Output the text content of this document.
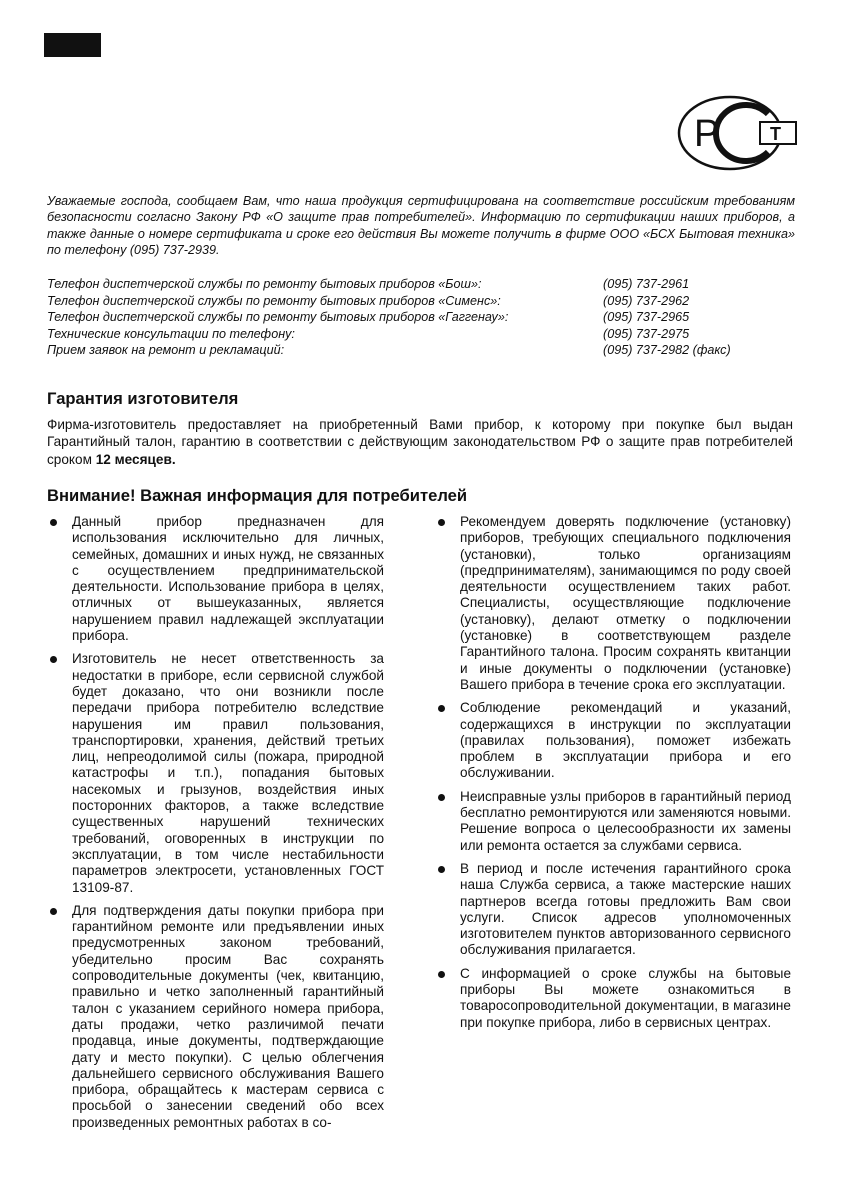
Р	Т
Уважаемые господа, сообщаем Вам, что наша продукция сертифицирована на соответствие российским требованиям безопасности согласно Закону РФ «О защите прав потребителей». Информацию по сертификации наших приборов, а также данные о номере сертификата и сроке его действия Вы можете получить в фирме ООО «БСХ Бытовая техника» по телефону (095) 737-2939.
Телефон диспетчерской службы по ремонту бытовых приборов «Бош»:	(095) 737-2961
Телефон диспетчерской службы по ремонту бытовых приборов «Сименс»:	(095) 737-2962
Телефон диспетчерской службы по ремонту бытовых приборов «Гаггенау»:	(095) 737-2965
Технические консультации по телефону:	(095) 737-2975
Прием заявок на ремонт и рекламаций:	(095) 737-2982 (факс)
Гарантия изготовителя
Фирма-изготовитель предоставляет на приобретенный Вами прибор, к которому при покупке был выдан Гарантийный талон, гарантию в соответствии с действующим законодательством РФ о защите прав потребителей сроком 12 месяцев.
Внимание! Важная информация для потребителей
Данный прибор предназначен для использования исключительно для личных, семейных, домашних и иных нужд, не связанных с осуществлением предпринимательской деятельности. Использование прибора в целях, отличных от вышеуказанных, является нарушением правил надлежащей эксплуатации прибора.
Изготовитель не несет ответственность за недостатки в приборе, если сервисной службой будет доказано, что они возникли после передачи прибора потребителю вследствие нарушения им правил пользования, транспортировки, хранения, действий третьих лиц, непреодолимой силы (пожара, природной катастрофы и т.п.), попадания бытовых насекомых и грызунов, воздействия иных посторонних факторов, а также вследствие существенных нарушений технических требований, оговоренных в инструкции по эксплуатации, в том числе нестабильности параметров электросети, установленных ГОСТ 13109-87.
Для подтверждения даты покупки прибора при гарантийном ремонте или предъявлении иных предусмотренных законом требований, убедительно просим Вас сохранять сопроводительные документы (чек, квитанцию, правильно и четко заполненный гарантийный талон с указанием серийного номера прибора, даты продажи, четко различимой печати продавца, иные документы, подтверждающие дату и место покупки). С целью облегчения дальнейшего сервисного обслуживания Вашего прибора, обращайтесь к мастерам сервиса с просьбой о занесении сведений обо всех произведенных ремонтных работах в со-
Рекомендуем доверять подключение (установку) приборов, требующих специального подключения (установки), только организациям (предпринимателям), занимающимся по роду своей деятельности осуществлением таких работ. Специалисты, осуществляющие подключение (установку), делают отметку о подключении (установке) в соответствующем разделе Гарантийного талона. Просим сохранять квитанции и иные документы о подключении (установке) Вашего прибора в течение срока его эксплуатации.
Соблюдение рекомендаций и указаний, содержащихся в инструкции по эксплуатации (правилах пользования), поможет избежать проблем в эксплуатации прибора и его обслуживании.
Неисправные узлы приборов в гарантийный период бесплатно ремонтируются или заменяются новыми. Решение вопроса о целесообразности их замены или ремонта остается за службами сервиса.
В период и после истечения гарантийного срока наша Служба сервиса, а также мастерские наших партнеров всегда готовы предложить Вам свои услуги. Список адресов уполномоченных изготовителем пунктов авторизованного сервисного обслуживания прилагается.
С информацией о сроке службы на бытовые приборы Вы можете ознакомиться в товаросопроводительной документации, в магазине при покупке прибора, либо в сервисных центрах.
